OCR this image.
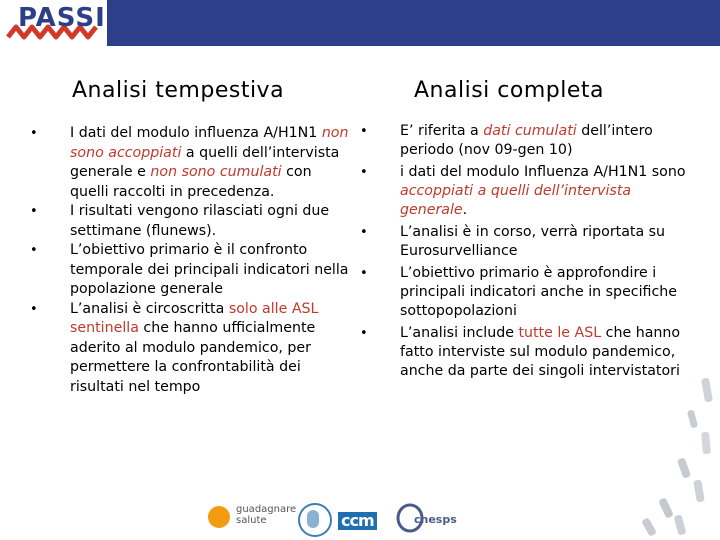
PASSI
Analisi tempestiva	Analisi completa
• I dati del modulo influenza A/H1N1 non sono accoppiati a quelli dell’intervista generale e non sono cumulati con quelli raccolti in precedenza.
• I risultati vengono rilasciati ogni due settimane (flunews).
• L’obiettivo primario è il confronto temporale dei principali indicatori nella popolazione generale
• L’analisi è circoscritta solo alle ASL sentinella che hanno ufficialmente aderito al modulo pandemico, per permettere la confrontabilità dei risultati nel tempo
• E’ riferita a dati cumulati dell’intero periodo (nov 09-gen 10)
• i dati del modulo Influenza A/H1N1 sono accoppiati a quelli dell’intervista generale.
• L’analisi è in corso, verrà riportata su Eurosurvelliance
• L’obiettivo primario è approfondire i principali indicatori anche in specifiche sottopopolazioni
• L’analisi include tutte le ASL che hanno fatto interviste sul modulo pandemico, anche da parte dei singoli intervistatori
guadagnare
salute	ccm	cnesps
